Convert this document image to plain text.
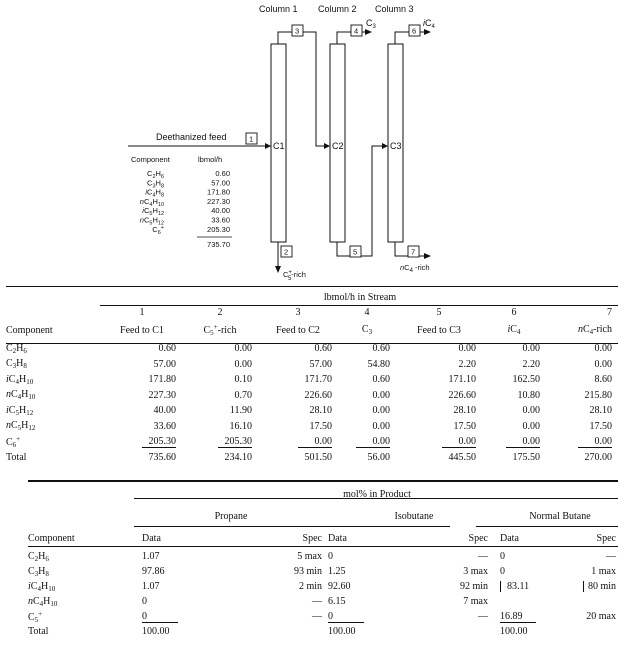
Column 1 Column 2 Column 3
C1	C2	C3
Deethanized feed	1
3
2
4
5
6
7
$C_3$	$iC_4$
C+ 5-rich
$nC_4$ -rich
Component	lbmol/h
C2H6	0.60
C3H8	57.00
iC4H8	171.80
nC4H10	227.30
iC5H12	40.00
nC5H12	33.60
C6+	205.30
735.70
	lbmol/h in Stream						
	1	2	3	4	5	6	7
Component	Feed to C1	$C_5^+$-rich	Feed to C2	$C_3$	Feed to C3	$iC_4$	$nC_4$-rich
$C_2H_6$	0.60	0.00	0.60	0.60	0.00	0.00	0.00
$C_3H_8$	57.00	0.00	57.00	54.80	2.20	2.20	0.00
$iC_4H_{10}$	171.80	0.10	171.70	0.60	171.10	162.50	8.60
$nC_4H_{10}$	227.30	0.70	226.60	0.00	226.60	10.80	215.80
$iC_5H_{12}$	40.00	11.90	28.10	0.00	28.10	0.00	28.10
$nC_5H_{12}$	33.60	16.10	17.50	0.00	17.50	0.00	17.50
$C_6^+$	205.30	205.30	0.00	0.00	0.00	0.00	0.00
Total	735.60	234.10	501.50	56.00	445.50	175.50	270.00
	mol% in Product					
	Propane		Isobutane		Normal Butane	
Component	Data	Spec	Data	Spec	Data	Spec
$C_2H_6$	1.07	5 max	0	—	0	—
$C_3H_8$	97.86	93 min	1.25	3 max	0	1 max
$iC_4H_{10}$	1.07	2 min	92.60	92 min	83.11	80 min
$nC_4H_{10}$	0	—	6.15	7 max		
$C_5^+$	0	—	0	—	16.89	20 max
Total	100.00		100.00		100.00	
